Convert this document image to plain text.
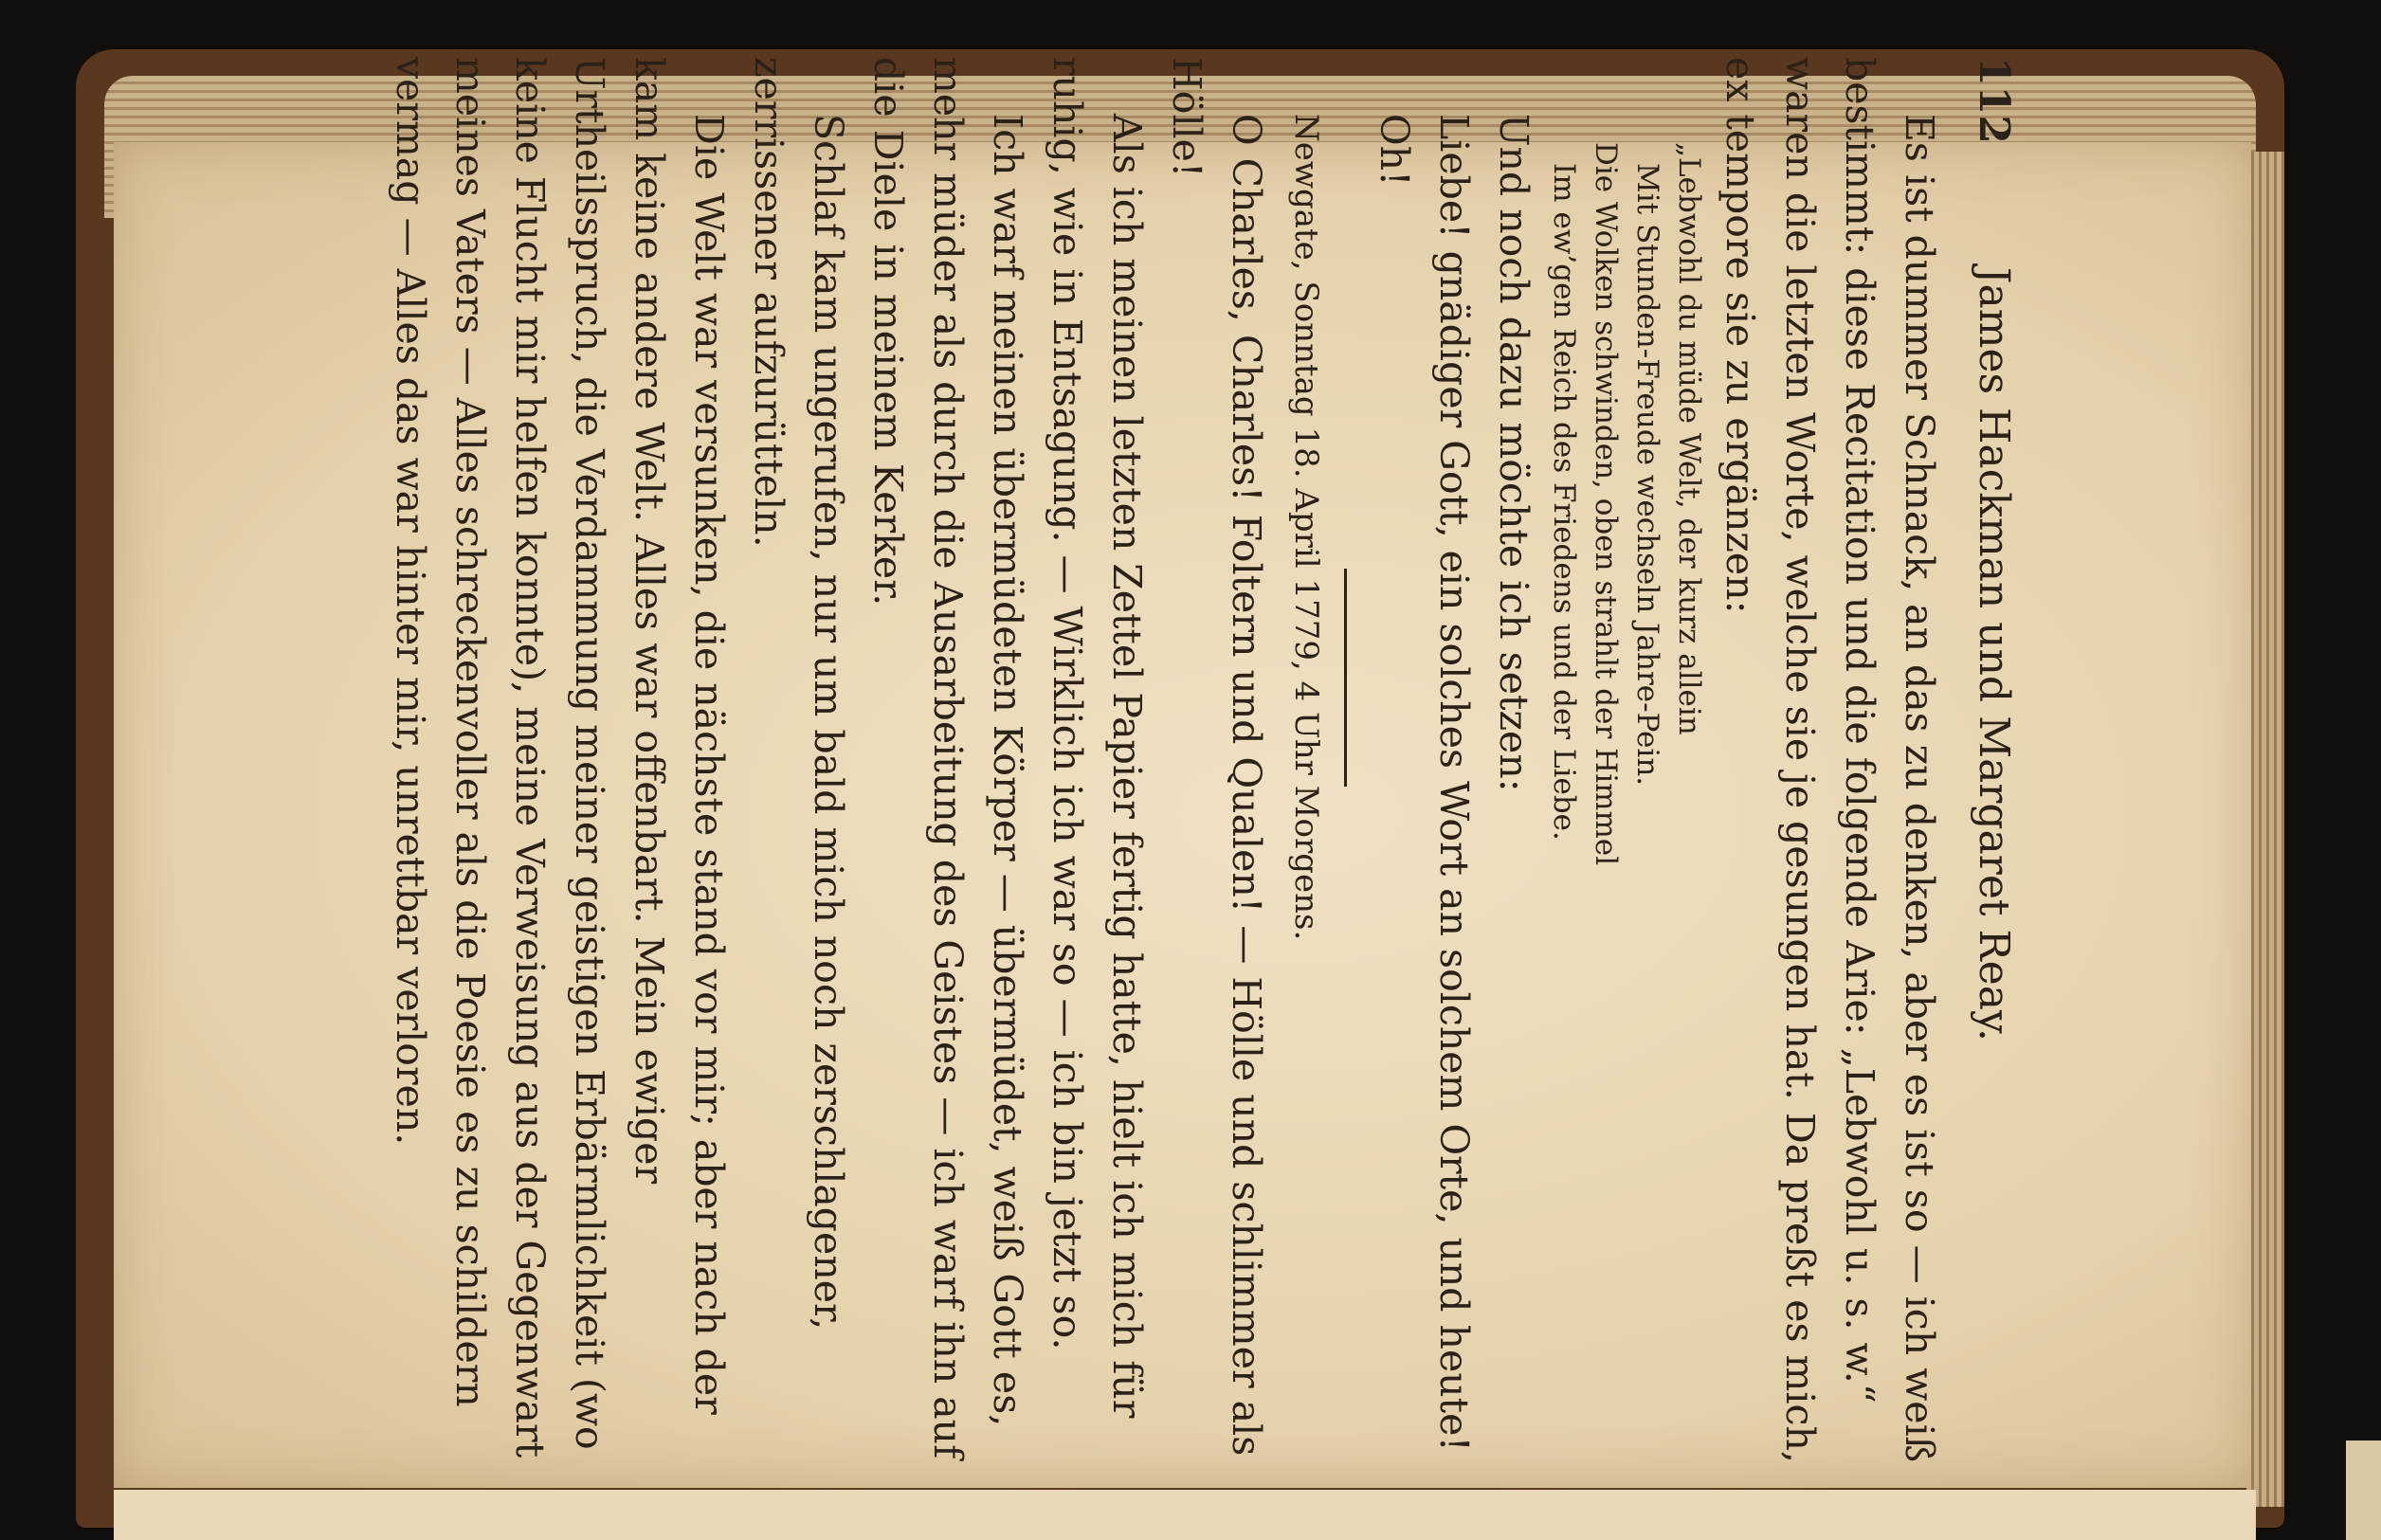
112
James Hackman und Margaret Reay.

Es ist dummer Schnack, an das zu denken, aber es ist so — ich weiß bestimmt: diese Recitation und die folgende Arie: „Lebwohl u. s. w.“ waren die letzten Worte, welche sie je gesungen hat. Da preßt es mich, ex tempore sie zu ergänzen:

„Lebwohl du müde Welt, der kurz allein
Mit Stunden-Freude wechseln Jahre-Pein.
Die Wolken schwinden, oben strahlt der Himmel
Im ew’gen Reich des Friedens und der Liebe.

Und noch dazu möchte ich setzen:

Liebe! gnädiger Gott, ein solches Wort an solchem Orte, und heute!

Oh!

Newgate, Sonntag 18. April 1779, 4 Uhr Morgens.

O Charles, Charles! Foltern und Qualen! — Hölle und schlimmer als Hölle!

Als ich meinen letzten Zettel Papier fertig hatte, hielt ich mich für ruhig, wie in Entsagung. — Wirklich ich war so — ich bin jetzt so.

Ich warf meinen übermüdeten Körper — übermüdet, weiß Gott es, mehr müder als durch die Ausarbeitung des Geistes — ich warf ihn auf die Diele in meinem Kerker.

Schlaf kam ungerufen, nur um bald mich noch zerschlagener, zerrissener aufzurütteln.

Die Welt war versunken, die nächste stand vor mir; aber nach der kam keine andere Welt. Alles war offenbart. Mein ewiger Urtheilsspruch, die Verdammung meiner geistigen Erbärmlichkeit (wo keine Flucht mir helfen konnte), meine Verweisung aus der Gegenwart meines Vaters — Alles schreckenvoller als die Poesie es zu schildern vermag — Alles das war hinter mir, unrettbar verloren.
